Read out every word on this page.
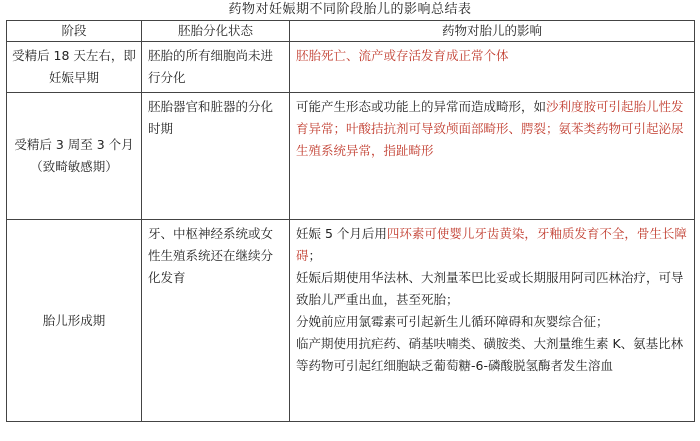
药物对妊娠期不同阶段胎儿的影响总结表
阶段	胚胎分化状态	药物对胎儿的影响
受精后 18 天左右，即妊娠早期	胚胎的所有细胞尚未进行分化	胚胎死亡、流产或存活发育成正常个体

受精后 3 周至 3 个月（致畸敏感期）	胚胎器官和脏器的分化时期	可能产生形态或功能上的异常而造成畸形，如沙利度胺可引起胎儿性发育异常；叶酸拮抗剂可导致颅面部畸形、腭裂；氨苯类药物可引起泌尿生殖系统异常，指趾畸形

胎儿形成期	牙、中枢神经系统或女性生殖系统还在继续分化发育	妊娠 5 个月后用四环素可使婴儿牙齿黄染，牙釉质发育不全，骨生长障碍；
妊娠后期使用华法林、大剂量苯巴比妥或长期服用阿司匹林治疗，可导致胎儿严重出血，甚至死胎；
分娩前应用氯霉素可引起新生儿循环障碍和灰婴综合征；
临产期使用抗疟药、硝基呋喃类、磺胺类、大剂量维生素 K、氨基比林等药物可引起红细胞缺乏葡萄糖-6-磷酸脱氢酶者发生溶血
